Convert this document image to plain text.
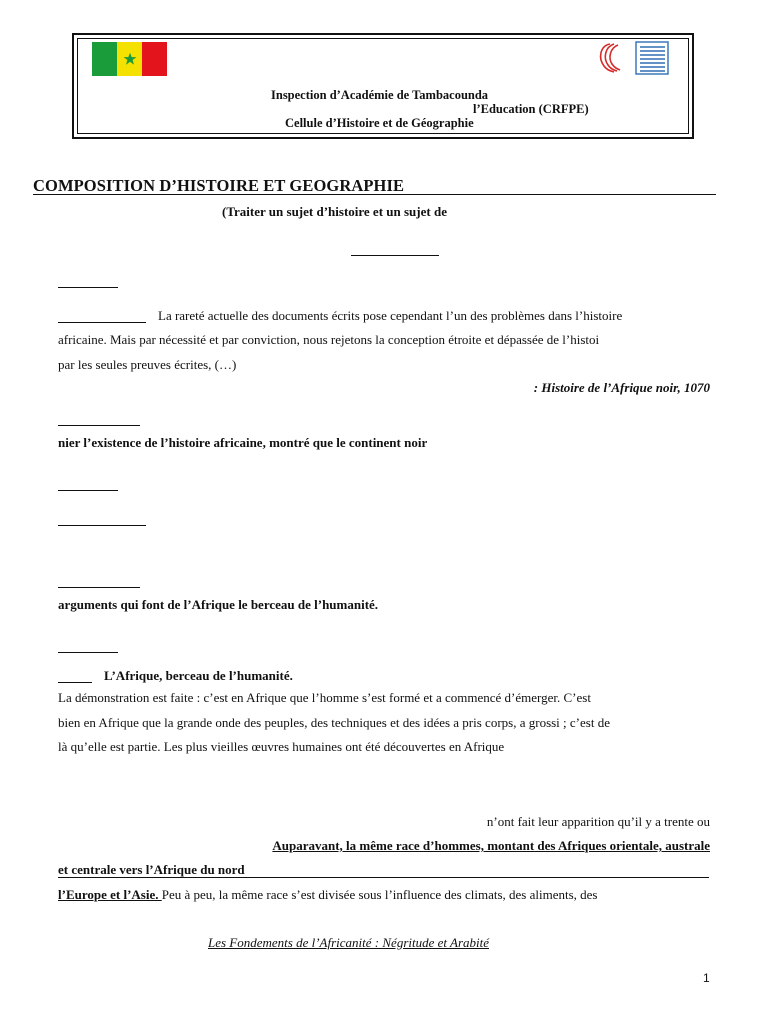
Inspection d’Académie de Tambacounda
l’Education (CRFPE)
Cellule d’Histoire et de Géographie
COMPOSITION D’HISTOIRE ET GEOGRAPHIE
(Traiter un sujet d’histoire et un sujet de
La rareté actuelle des documents écrits pose cependant l’un des problèmes dans l’histoire
africaine. Mais par nécessité et par conviction, nous rejetons la conception étroite et dépassée de l’histoi
par les seules preuves écrites, (…)
: Histoire de l’Afrique noir, 1070
nier l’existence de l’histoire africaine, montré que le continent noir
arguments qui font de l’Afrique le berceau de l’humanité.
L’Afrique, berceau de l’humanité.
La démonstration est faite : c’est en Afrique que l’homme s’est formé et a commencé d’émerger. C’est
bien en Afrique que la grande onde des peuples, des techniques et des idées a pris corps, a grossi ; c’est de
là qu’elle est partie. Les plus vieilles œuvres humaines ont été découvertes en Afrique
n’ont fait leur apparition qu’il y a trente ou
Auparavant, la même race d’hommes, montant des Afriques orientale, australe
et centrale vers l’Afrique du nord
l’Europe et l’Asie. Peu à peu, la même race s’est divisée sous l’influence des climats, des aliments, des
Les Fondements de l’Africanité : Négritude et Arabité
1
